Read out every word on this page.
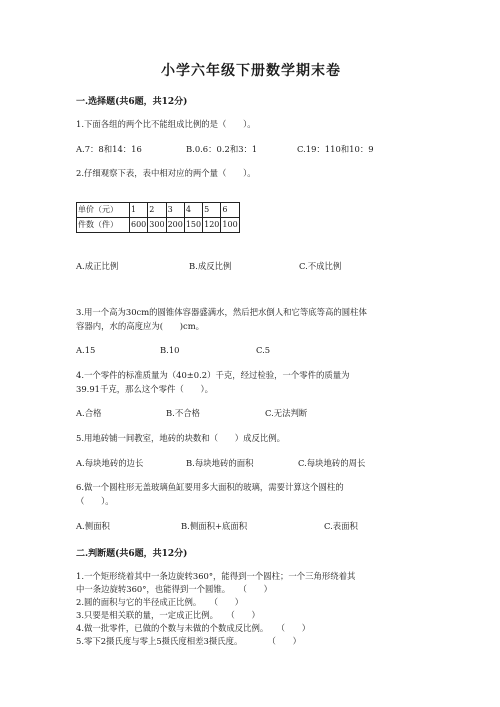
小学六年级下册数学期末卷
一.选择题(共6题，共12分)
1.下面各组的两个比不能组成比例的是（　　）。
A.7：8和14：16	B.0.6：0.2和3：1	C.19：110和10：9
2.仔细观察下表，表中相对应的两个量（　　）。
单价（元）	1	2	3	4	5	6
件数（件）	600	300	200	150	120	100
A.成正比例	B.成反比例	C.不成比例
3.用一个高为30cm的圆锥体容器盛满水，然后把水倒人和它等底等高的圆柱体
容器内，水的高度应为(　　)cm。
A.15	B.10	C.5
4.一个零件的标准质量为（40±0.2）千克，经过检验，一个零件的质量为
39.91千克，那么这个零件（　　）。
A.合格	B.不合格	C.无法判断
5.用地砖铺一间教室，地砖的块数和（　　）成反比例。
A.每块地砖的边长	B.每块地砖的面积	C.每块地砖的周长
6.做一个圆柱形无盖玻璃鱼缸要用多大面积的玻璃，需要计算这个圆柱的
（　　）。
A.侧面积	B.侧面积+底面积	C.表面积
二.判断题(共6题，共12分)
1.一个矩形绕着其中一条边旋转360°，能得到一个圆柱；一个三角形绕着其
中一条边旋转360°，也能得到一个圆锥。　　（　　）
2.圆的面积与它的半径成正比例。　　（　　）
3.只要是相关联的量，一定成正比例。　　（　　）
4.做一批零件，已做的个数与未做的个数成反比例。　　（　　）
5.零下2摄氏度与零上5摄氏度相差3摄氏度。　　　　（　　）
